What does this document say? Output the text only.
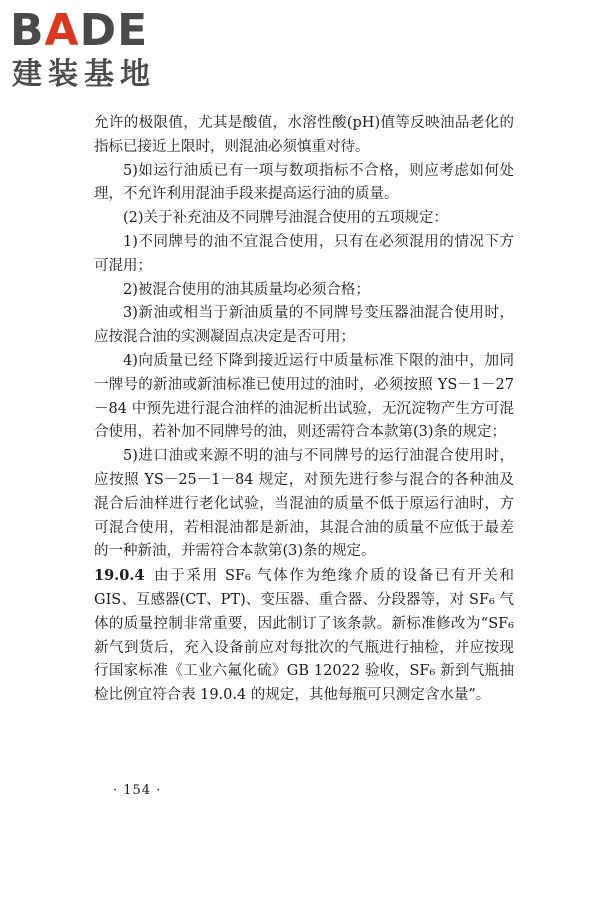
BADE
建装基地

允许的极限值，尤其是酸值，水溶性酸(pH)值等反映油品老化的指标已接近上限时，则混油必须慎重对待。

5)如运行油质已有一项与数项指标不合格，则应考虑如何处理，不允许利用混油手段来提高运行油的质量。

(2)关于补充油及不同牌号油混合使用的五项规定：

1)不同牌号的油不宜混合使用，只有在必须混用的情况下方可混用；

2)被混合使用的油其质量均必须合格；

3)新油或相当于新油质量的不同牌号变压器油混合使用时，应按混合油的实测凝固点决定是否可用；

4)向质量已经下降到接近运行中质量标准下限的油中，加同一牌号的新油或新油标准已使用过的油时，必须按照 YS－1－27－84 中预先进行混合油样的油泥析出试验，无沉淀物产生方可混合使用，若补加不同牌号的油，则还需符合本款第(3)条的规定；

5)进口油或来源不明的油与不同牌号的运行油混合使用时，应按照 YS－25－1－84 规定，对预先进行参与混合的各种油及混合后油样进行老化试验，当混油的质量不低于原运行油时，方可混合使用，若相混油都是新油，其混合油的质量不应低于最差的一种新油，并需符合本款第(3)条的规定。

19.0.4 由于采用 SF₆ 气体作为绝缘介质的设备已有开关和 GIS、互感器(CT、PT)、变压器、重合器、分段器等，对 SF₆ 气体的质量控制非常重要，因此制订了该条款。新标准修改为“SF₆ 新气到货后，充入设备前应对每批次的气瓶进行抽检，并应按现行国家标准《工业六氟化硫》GB 12022 验收，SF₆ 新到气瓶抽检比例宜符合表 19.0.4 的规定，其他每瓶可只测定含水量”。

· 154 ·
